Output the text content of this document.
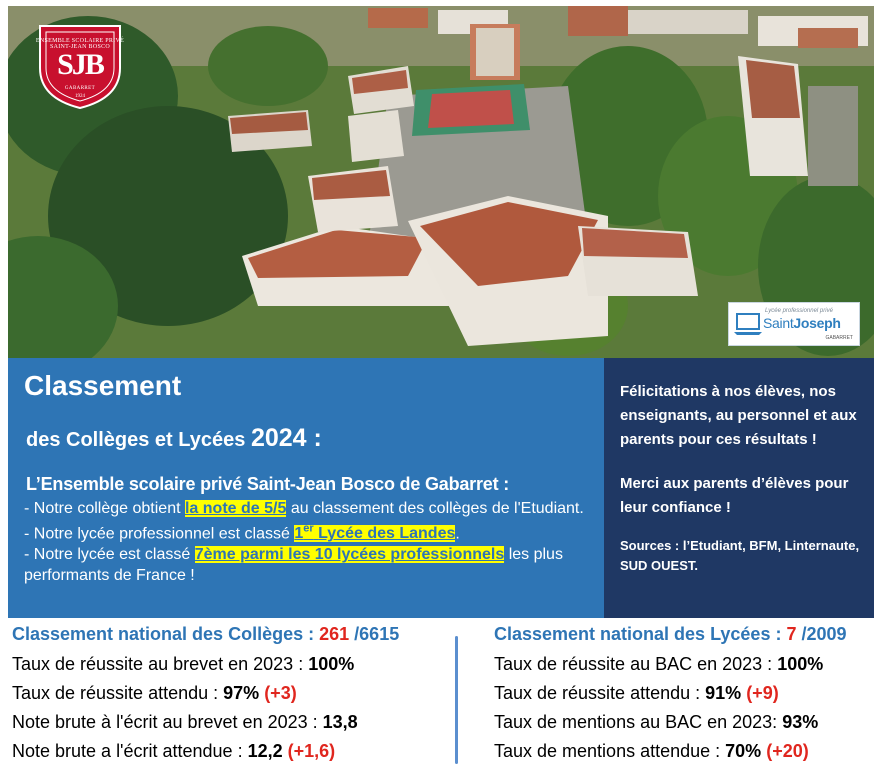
ENSEMBLE SCOLAIRE PRIVÉ SAINT-JEAN BOSCO
SJB
GABARRET
1924
Lycée professionnel privé
SaintJoseph
GABARRET
Classement
des Collèges et Lycées 2024 :
L’Ensemble scolaire privé Saint-Jean Bosco de Gabarret :
- Notre collège obtient la note de 5/5 au classement des collèges de l'Etudiant.
- Notre lycée professionnel est classé 1er Lycée des Landes.
- Notre lycée est classé 7ème parmi les 10 lycées professionnels les plus performants de France !
Félicitations à nos élèves, nos enseignants, au personnel et aux parents pour ces résultats !
Merci aux parents d’élèves pour leur confiance !
Sources : l’Etudiant, BFM, Linternaute, SUD OUEST.
Classement national des Collèges : 261 /6615
Taux de réussite au brevet en 2023 : 100%
Taux de réussite attendu : 97% (+3)
Note brute à l'écrit au brevet en 2023 : 13,8
Note brute a l'écrit attendue : 12,2 (+1,6)
Classement national des Lycées : 7 /2009
Taux de réussite au BAC en 2023 : 100%
Taux de réussite attendu : 91% (+9)
Taux de mentions au BAC en 2023: 93%
Taux de mentions attendue : 70% (+20)
